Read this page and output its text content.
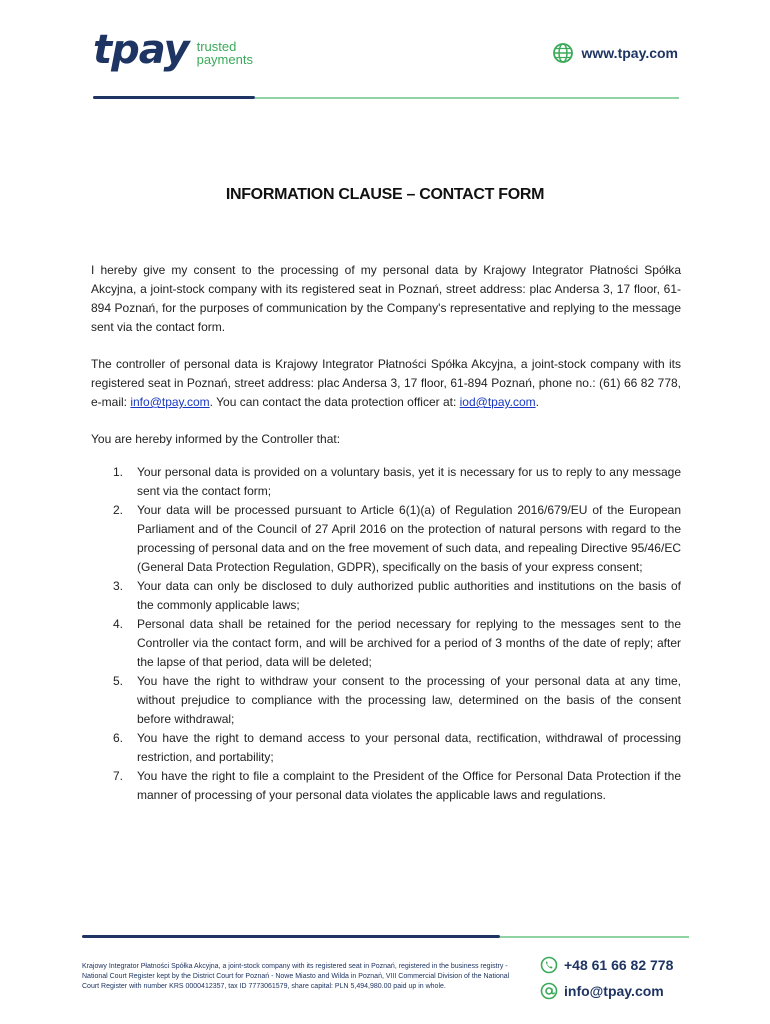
tpay trusted
payments	www.tpay.com
INFORMATION CLAUSE – CONTACT FORM

I hereby give my consent to the processing of my personal data by Krajowy Integrator Płatności Spółka Akcyjna, a joint-stock company with its registered seat in Poznań, street address: plac Andersa 3, 17 floor, 61-894 Poznań, for the purposes of communication by the Company's representative and replying to the message sent via the contact form.

The controller of personal data is Krajowy Integrator Płatności Spółka Akcyjna, a joint-stock company with its registered seat in Poznań, street address: plac Andersa 3, 17 floor, 61-894 Poznań, phone no.: (61) 66 82 778, e-mail: info@tpay.com. You can contact the data protection officer at: iod@tpay.com.

You are hereby informed by the Controller that:

1. Your personal data is provided on a voluntary basis, yet it is necessary for us to reply to any message sent via the contact form;
2. Your data will be processed pursuant to Article 6(1)(a) of Regulation 2016/679/EU of the European Parliament and of the Council of 27 April 2016 on the protection of natural persons with regard to the processing of personal data and on the free movement of such data, and repealing Directive 95/46/EC (General Data Protection Regulation, GDPR), specifically on the basis of your express consent;
3. Your data can only be disclosed to duly authorized public authorities and institutions on the basis of the commonly applicable laws;
4. Personal data shall be retained for the period necessary for replying to the messages sent to the Controller via the contact form, and will be archived for a period of 3 months of the date of reply; after the lapse of that period, data will be deleted;
5. You have the right to withdraw your consent to the processing of your personal data at any time, without prejudice to compliance with the processing law, determined on the basis of the consent before withdrawal;
6. You have the right to demand access to your personal data, rectification, withdrawal of processing restriction, and portability;
7. You have the right to file a complaint to the President of the Office for Personal Data Protection if the manner of processing of your personal data violates the applicable laws and regulations.
Krajowy Integrator Płatności Spółka Akcyjna, a joint-stock company with its registered seat in Poznań, registered in the business registry - National Court Register kept by the District Court for Poznań - Nowe Miasto and Wilda in Poznań, VIII Commercial Division of the National Court Register with number KRS 0000412357, tax ID 7773061579, share capital: PLN 5,494,980.00 paid up in whole.
+48 61 66 82 778
info@tpay.com
